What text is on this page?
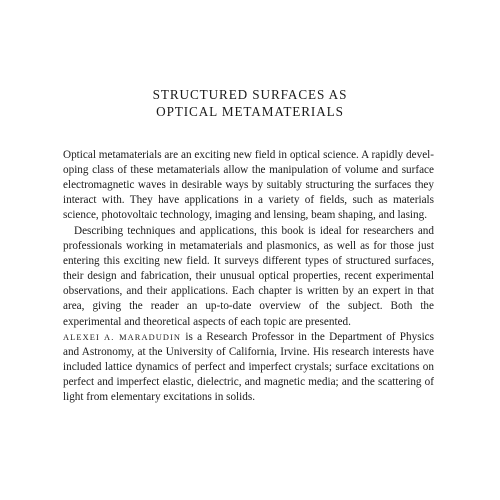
STRUCTURED SURFACES AS
OPTICAL METAMATERIALS

Optical metamaterials are an exciting new field in optical science. A rapidly developing class of these metamaterials allow the manipulation of volume and surface electromagnetic waves in desirable ways by suitably structuring the surfaces they interact with. They have applications in a variety of fields, such as materials science, photovoltaic technology, imaging and lensing, beam shaping, and lasing.

Describing techniques and applications, this book is ideal for researchers and professionals working in metamaterials and plasmonics, as well as for those just entering this exciting new field. It surveys different types of structured surfaces, their design and fabrication, their unusual optical properties, recent experimental observations, and their applications. Each chapter is written by an expert in that area, giving the reader an up-to-date overview of the subject. Both the experimental and theoretical aspects of each topic are presented.

ALEXEI A. MARADUDIN is a Research Professor in the Department of Physics and Astronomy, at the University of California, Irvine. His research interests have included lattice dynamics of perfect and imperfect crystals; surface excitations on perfect and imperfect elastic, dielectric, and magnetic media; and the scattering of light from elementary excitations in solids.
